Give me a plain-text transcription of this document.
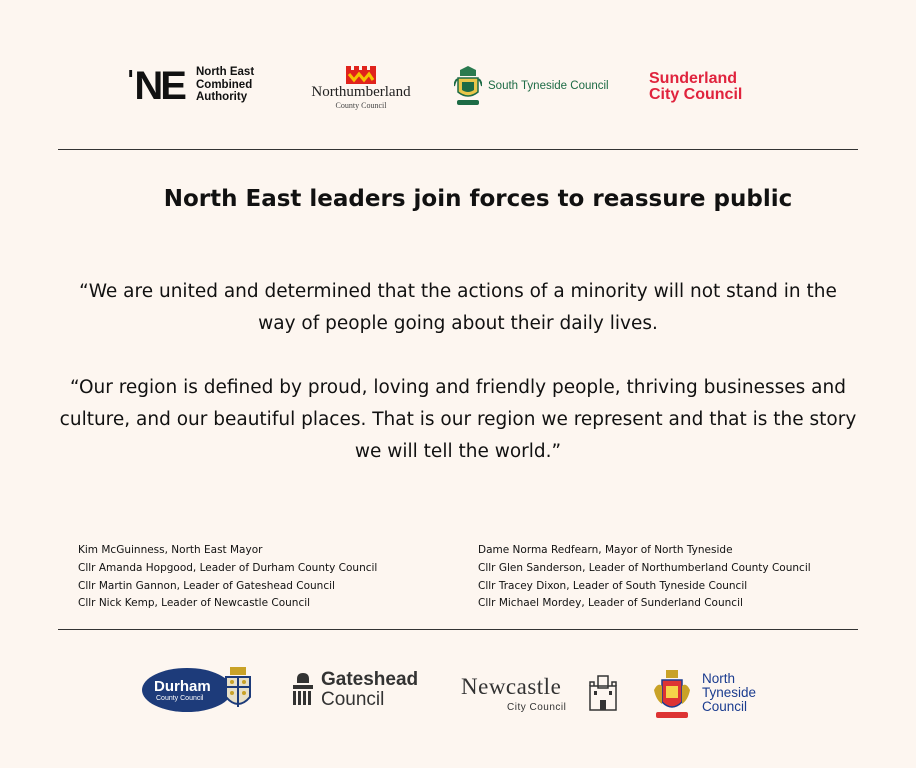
ˈNE North East
Combined
Authority	Northumberland
County Council
South Tyneside Council	Sunderland
City Council
North East leaders join forces to reassure public
“We are united and determined that the actions of a minority will not stand in the way of people going about their daily lives.
“Our region is defined by proud, loving and friendly people, thriving businesses and culture, and our beautiful places. That is our region we represent and that is the story we will tell the world.”
Kim McGuinness, North East Mayor
Cllr Amanda Hopgood, Leader of Durham County Council
Cllr Martin Gannon, Leader of Gateshead Council
Cllr Nick Kemp, Leader of Newcastle Council
Dame Norma Redfearn, Mayor of North Tyneside
Cllr Glen Sanderson, Leader of Northumberland County Council
Cllr Tracey Dixon, Leader of South Tyneside Council
Cllr Michael Mordey, Leader of Sunderland Council
Durham
County Council
Gateshead
Council
Newcastle
City Council
North
Tyneside
Council
